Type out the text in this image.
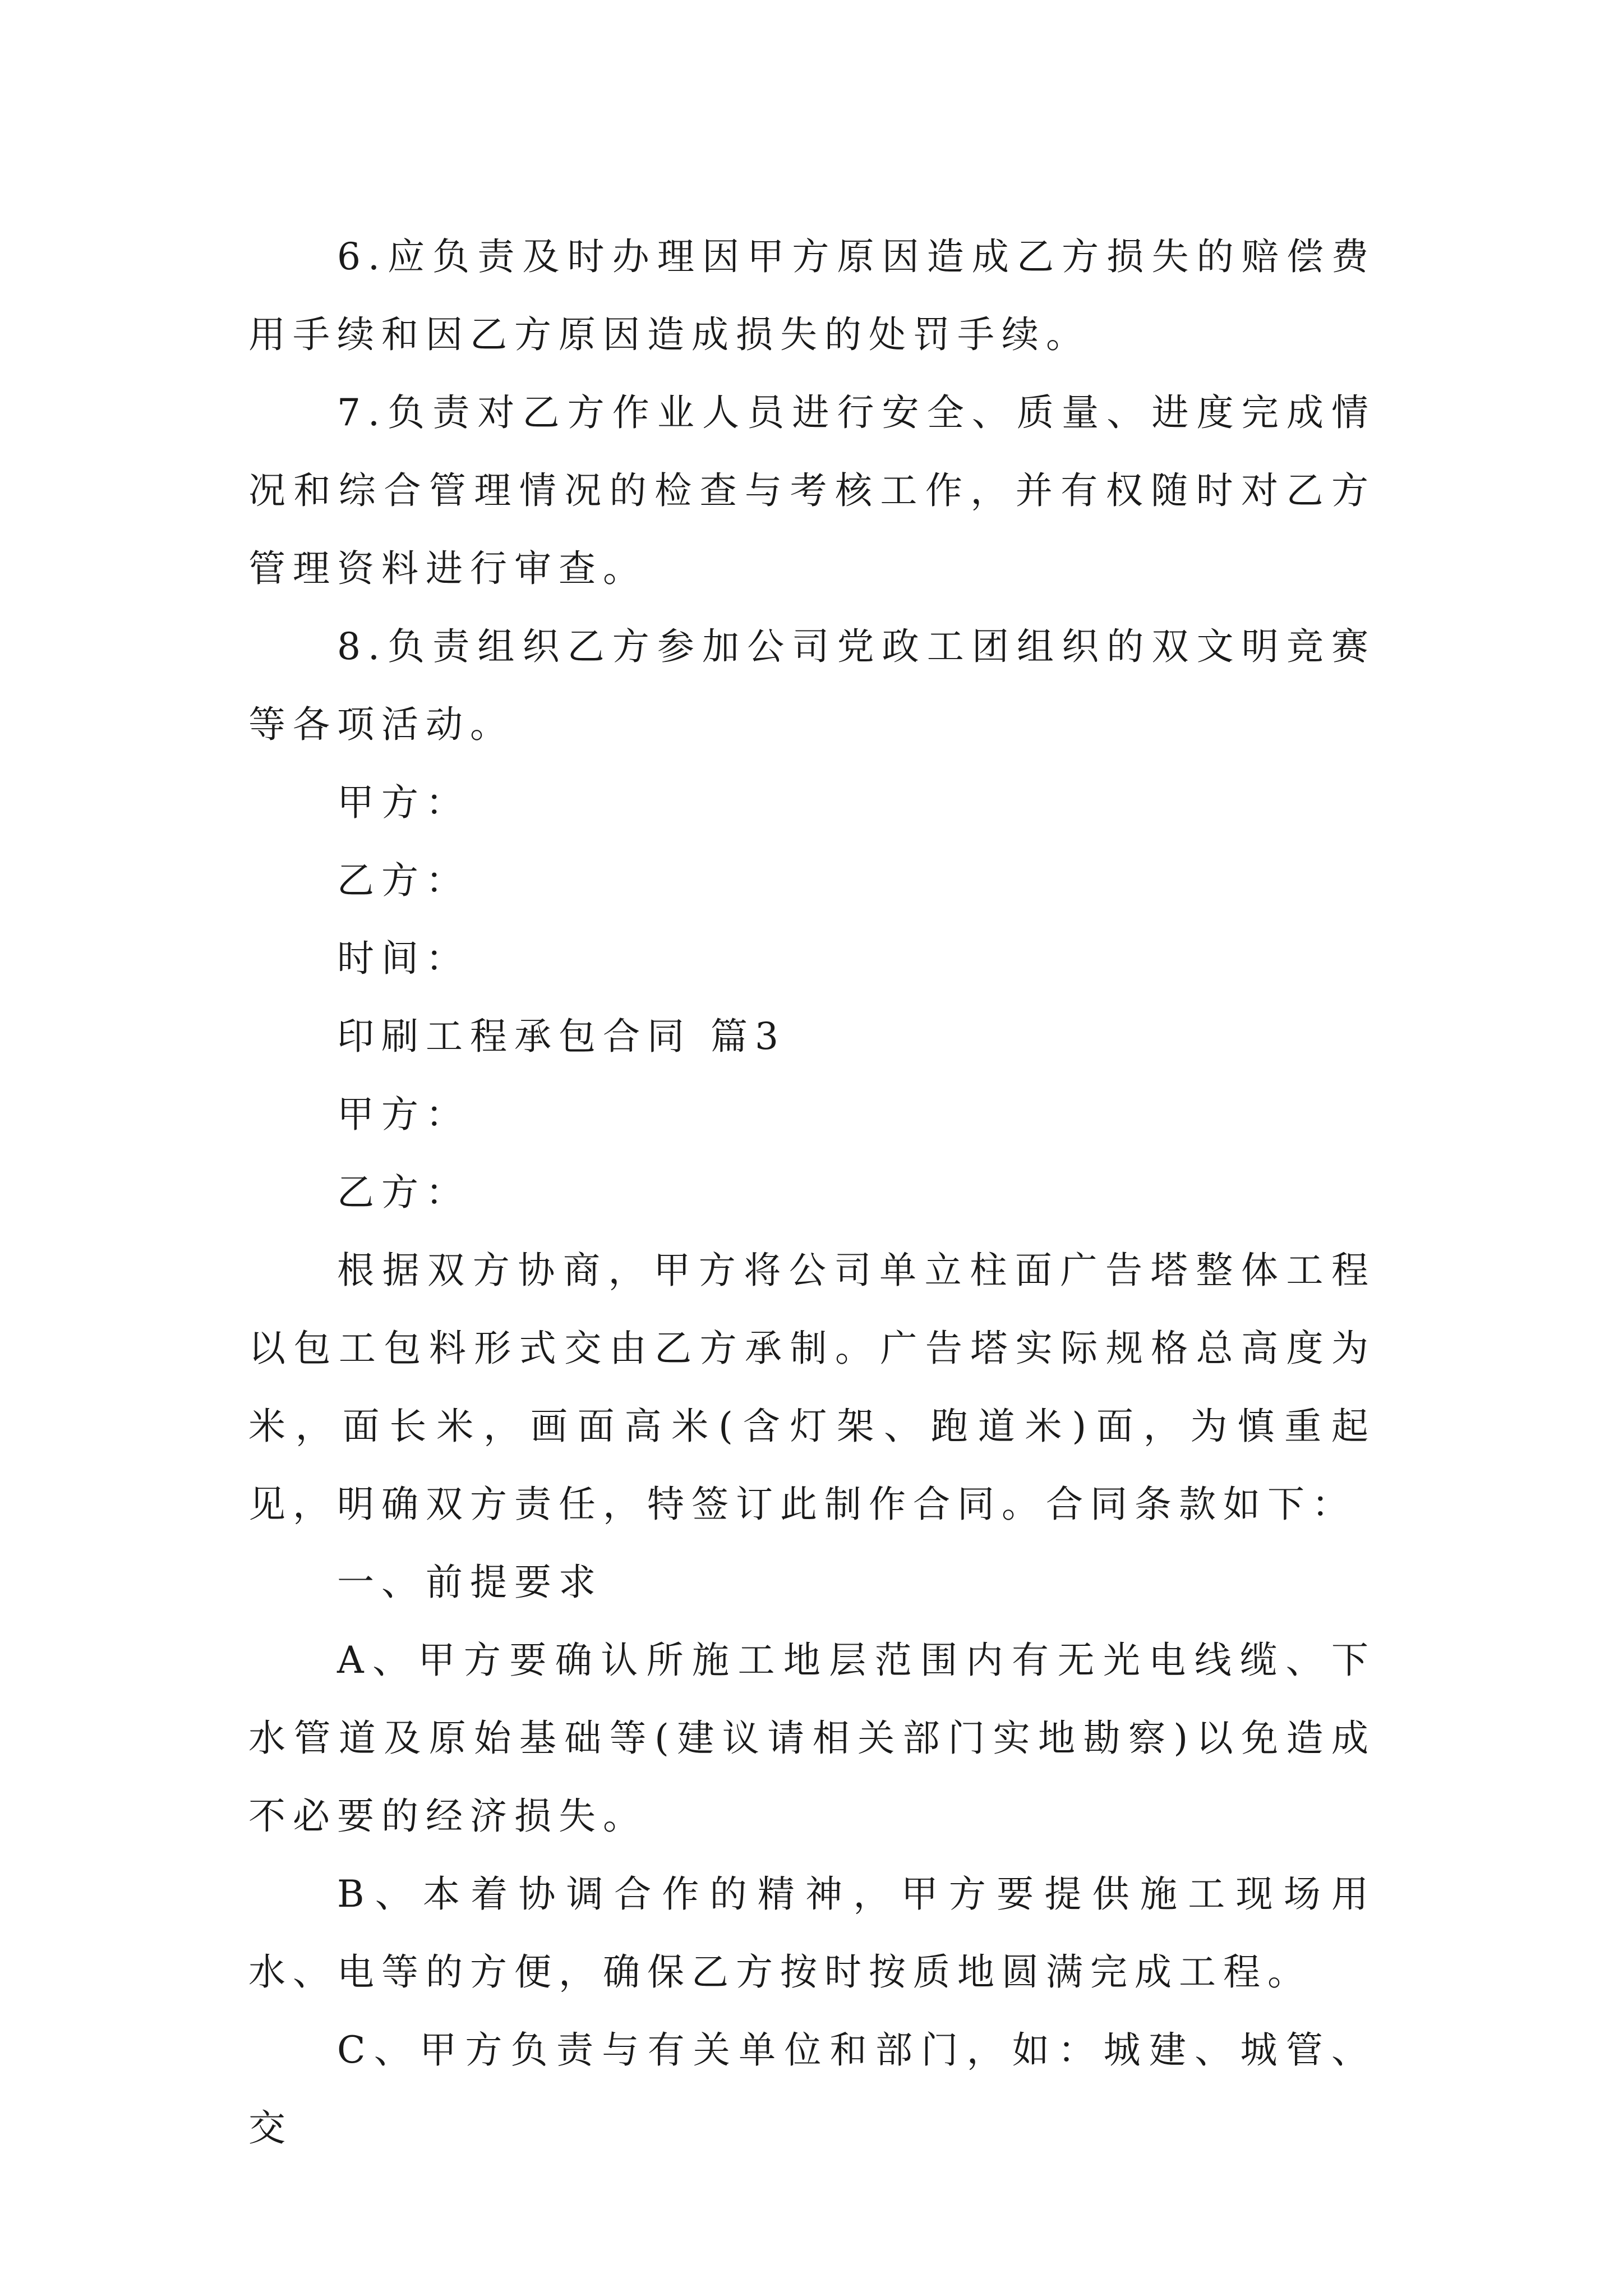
6.应负责及时办理因甲方原因造成乙方损失的赔偿费用手续和因乙方原因造成损失的处罚手续。

7.负责对乙方作业人员进行安全、质量、进度完成情况和综合管理情况的检查与考核工作，并有权随时对乙方管理资料进行审查。

8.负责组织乙方参加公司党政工团组织的双文明竞赛等各项活动。

甲方：

乙方：

时间：

印刷工程承包合同 篇3

甲方：

乙方：

根据双方协商，甲方将公司单立柱面广告塔整体工程以包工包料形式交由乙方承制。广告塔实际规格总高度为米，面长米，画面高米(含灯架、跑道米)面，为慎重起见，明确双方责任，特签订此制作合同。合同条款如下：

一、前提要求

A、甲方要确认所施工地层范围内有无光电线缆、下水管道及原始基础等(建议请相关部门实地勘察)以免造成不必要的经济损失。

B、本着协调合作的精神，甲方要提供施工现场用水、电等的方便，确保乙方按时按质地圆满完成工程。

C、甲方负责与有关单位和部门，如：城建、城管、交
